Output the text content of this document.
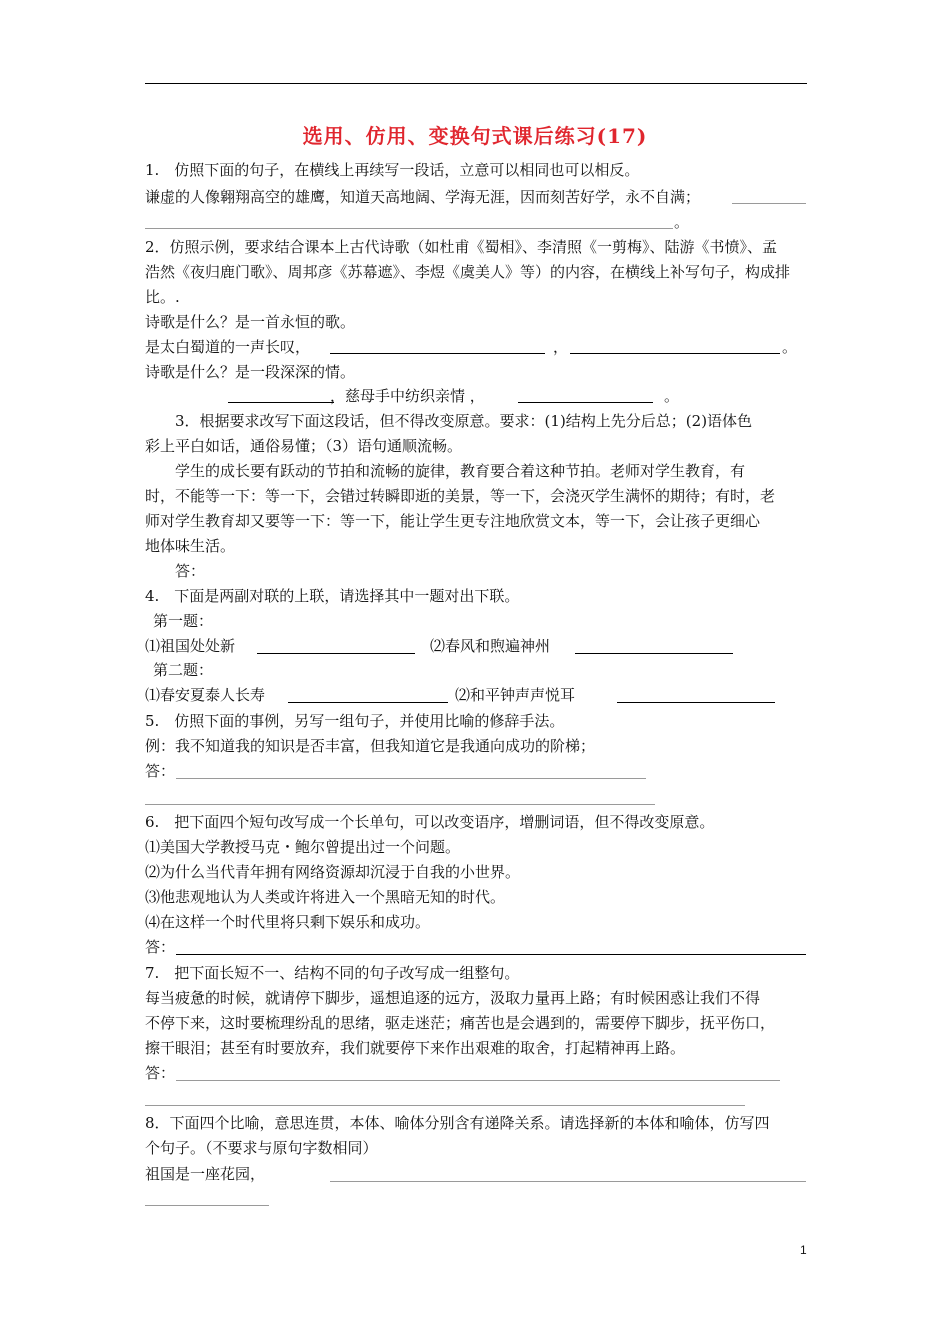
选用、仿用、变换句式课后练习(17)
1.　仿照下面的句子，在横线上再续写一段话，立意可以相同也可以相反。
谦虚的人像翱翔高空的雄鹰，知道天高地阔、学海无涯，因而刻苦好学，永不自满；
。
2．仿照示例，要求结合课本上古代诗歌（如杜甫《蜀相》、李清照《一剪梅》、陆游《书愤》、孟
浩然《夜归鹿门歌》、周邦彦《苏幕遮》、李煜《虞美人》等）的内容，在横线上补写句子，构成排
比。.
诗歌是什么？是一首永恒的歌。
是太白蜀道的一声长叹，	，	。
诗歌是什么？是一段深深的情。
，慈母手中纺织亲情 ，	。
3．根据要求改写下面这段话，但不得改变原意。要求：(1)结构上先分后总；(2)语体色
彩上平白如话，通俗易懂；（3）语句通顺流畅。
学生的成长要有跃动的节拍和流畅的旋律，教育要合着这种节拍。老师对学生教育，有
时，不能等一下：等一下，会错过转瞬即逝的美景，等一下，会浇灭学生满怀的期待；有时，老
师对学生教育却又要等一下：等一下，能让学生更专注地欣赏文本，等一下，会让孩子更细心
地体味生活。
答：
4.　下面是两副对联的上联，请选择其中一题对出下联。
第一题：
⑴祖国处处新	⑵春风和煦遍神州
第二题：
⑴春安夏泰人长寿	⑵和平钟声声悦耳
5.　仿照下面的事例，另写一组句子，并使用比喻的修辞手法。
例：我不知道我的知识是否丰富，但我知道它是我通向成功的阶梯；
答：
6.　把下面四个短句改写成一个长单句，可以改变语序，增删词语，但不得改变原意。
⑴美国大学教授马克・鲍尔曾提出过一个问题。
⑵为什么当代青年拥有网络资源却沉浸于自我的小世界。
⑶他悲观地认为人类或许将进入一个黑暗无知的时代。
⑷在这样一个时代里将只剩下娱乐和成功。
答：
7.　把下面长短不一、结构不同的句子改写成一组整句。
每当疲惫的时候，就请停下脚步，遥想追逐的远方，汲取力量再上路；有时候困惑让我们不得
不停下来，这时要梳理纷乱的思绪，驱走迷茫；痛苦也是会遇到的，需要停下脚步，抚平伤口，
擦干眼泪；甚至有时要放弃，我们就要停下来作出艰难的取舍，打起精神再上路。
答：
8．下面四个比喻，意思连贯，本体、喻体分别含有递降关系。请选择新的本体和喻体，仿写四
个句子。（不要求与原句字数相同）
祖国是一座花园，
1
